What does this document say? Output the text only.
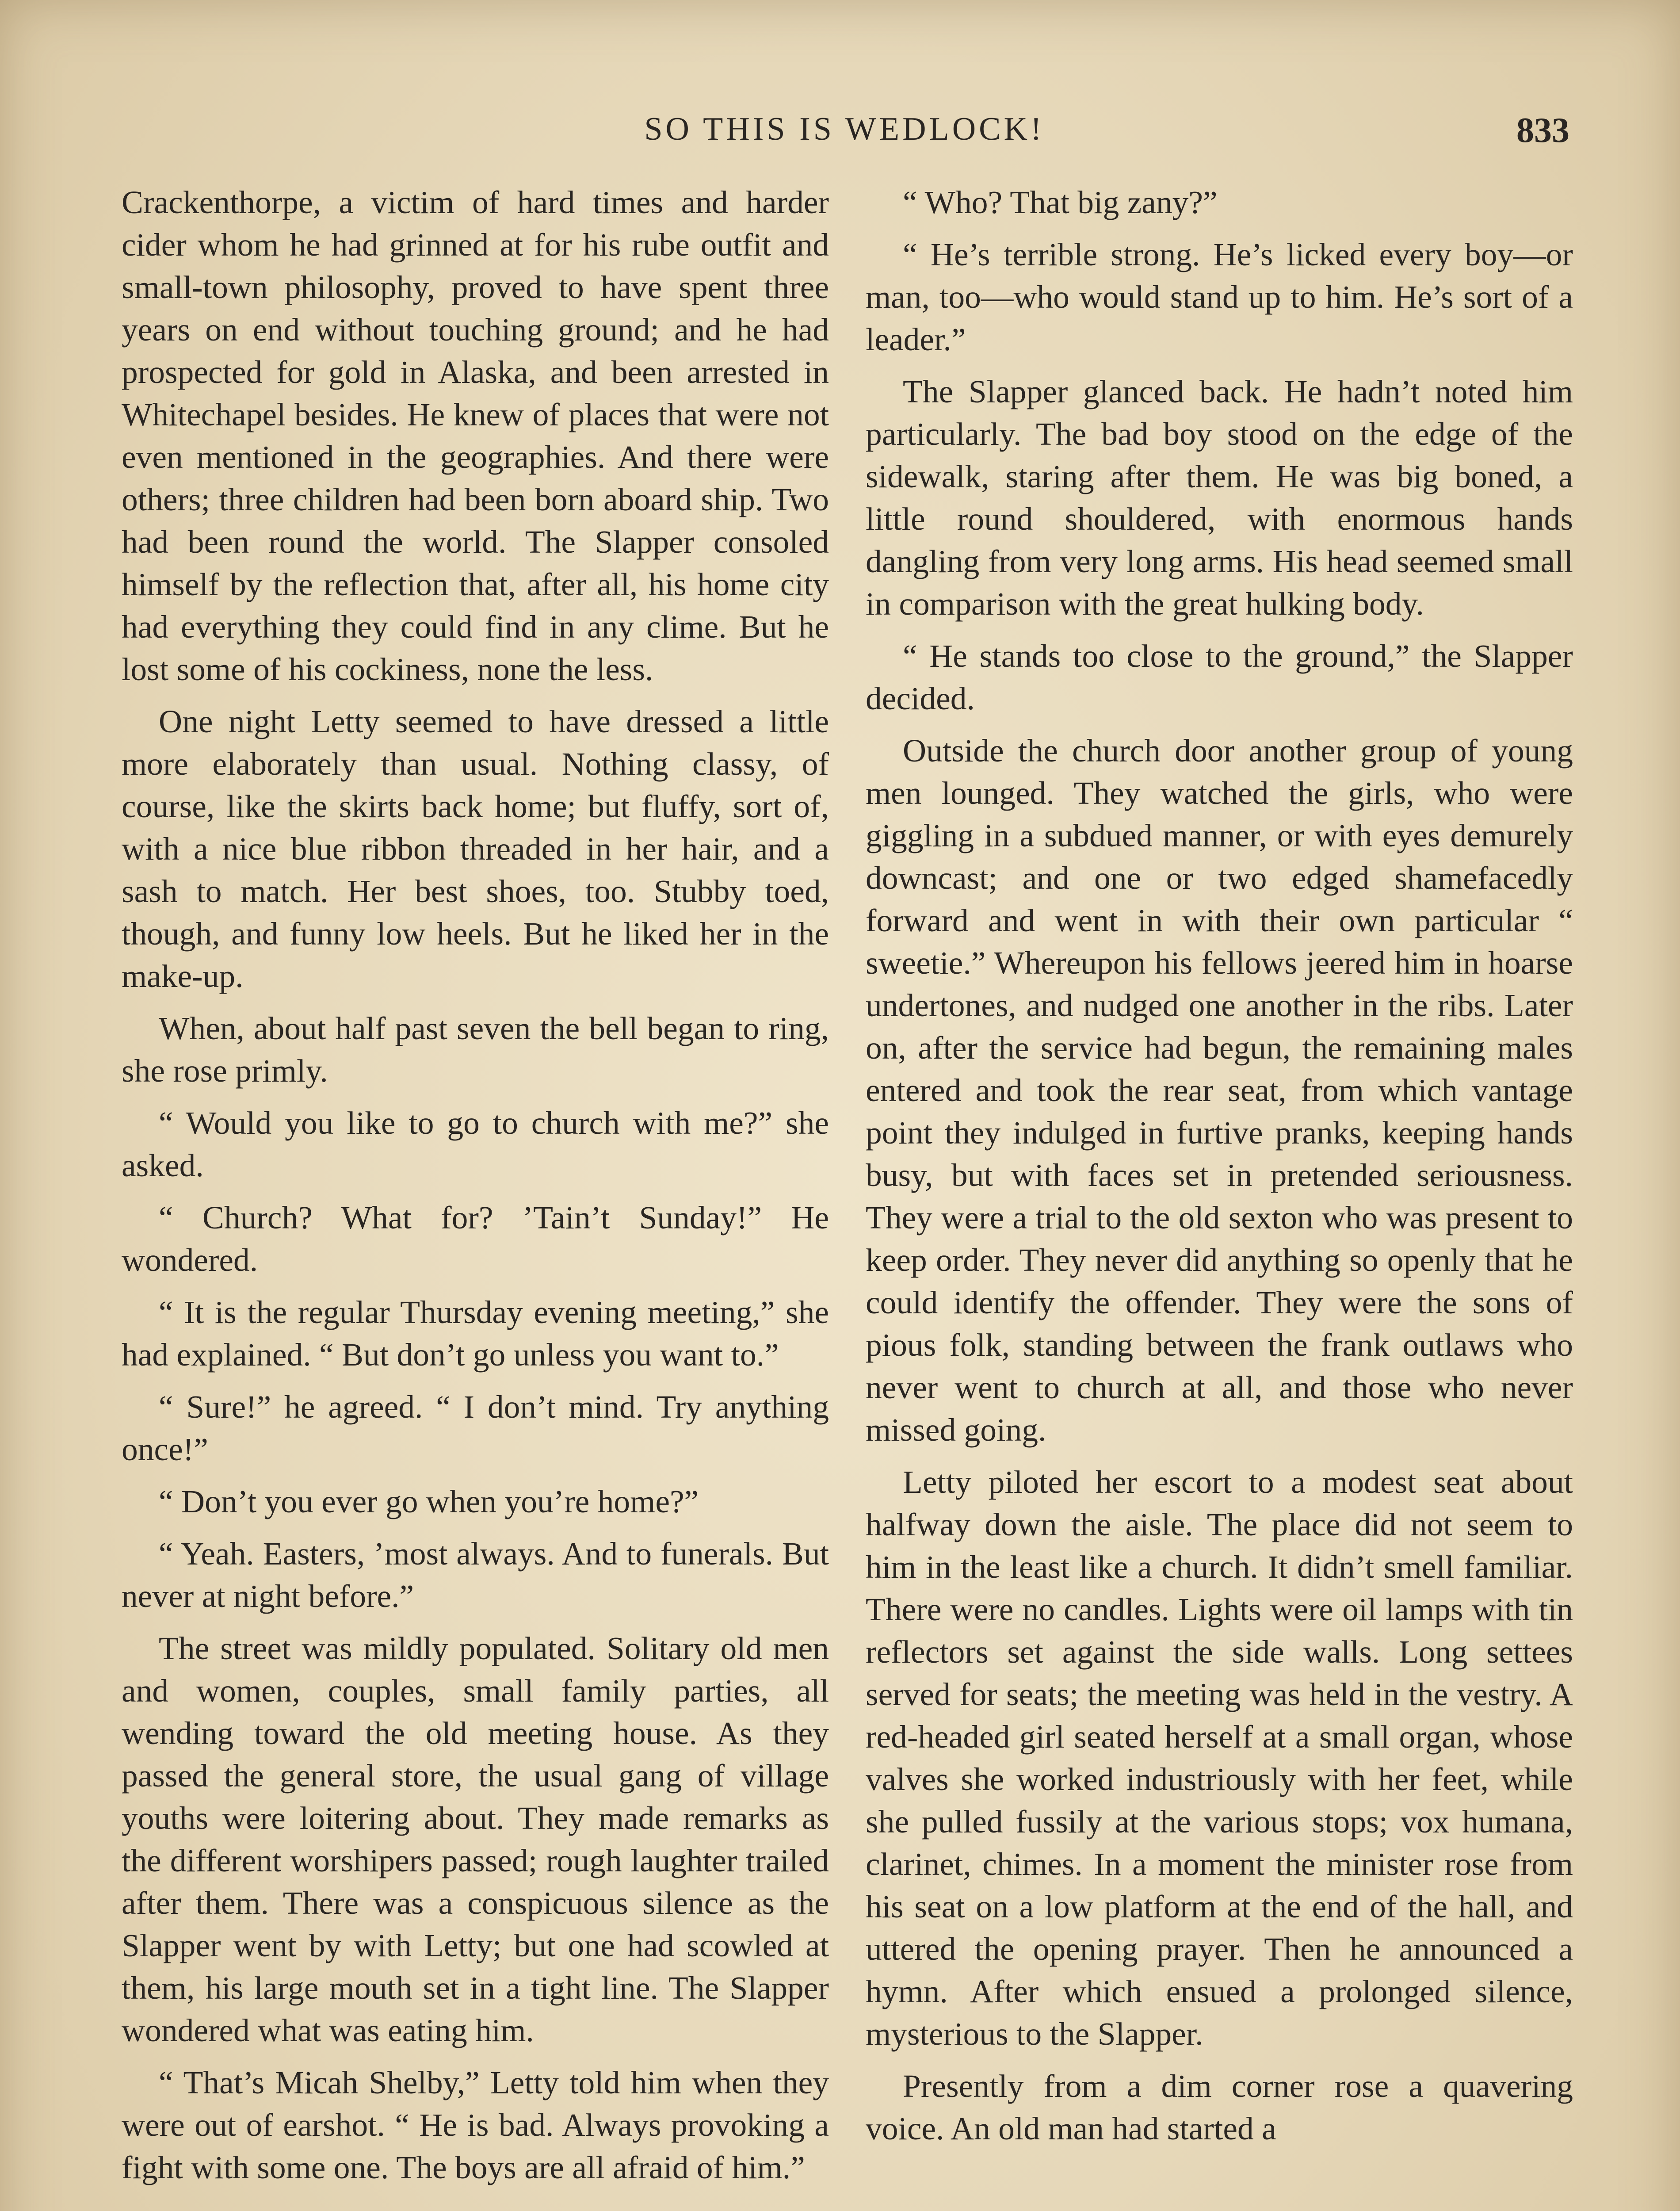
SO THIS IS WEDLOCK!	833

Crackenthorpe, a victim of hard times and harder cider whom he had grinned at for his rube outfit and small-town philosophy, proved to have spent three years on end without touching ground; and he had prospected for gold in Alaska, and been arrested in Whitechapel besides. He knew of places that were not even mentioned in the geographies. And there were others; three children had been born aboard ship. Two had been round the world. The Slapper consoled himself by the reflection that, after all, his home city had everything they could find in any clime. But he lost some of his cockiness, none the less.

One night Letty seemed to have dressed a little more elaborately than usual. Nothing classy, of course, like the skirts back home; but fluffy, sort of, with a nice blue ribbon threaded in her hair, and a sash to match. Her best shoes, too. Stubby toed, though, and funny low heels. But he liked her in the make-up.

When, about half past seven the bell began to ring, she rose primly.

“ Would you like to go to church with me?” she asked.

“ Church? What for? ’Tain’t Sunday!” He wondered.

“ It is the regular Thursday evening meeting,” she had explained. “ But don’t go unless you want to.”

“ Sure!” he agreed. “ I don’t mind. Try anything once!”

“ Don’t you ever go when you’re home?”

“ Yeah. Easters, ’most always. And to funerals. But never at night before.”

The street was mildly populated. Solitary old men and women, couples, small family parties, all wending toward the old meeting house. As they passed the general store, the usual gang of village youths were loitering about. They made remarks as the different worshipers passed; rough laughter trailed after them. There was a conspicuous silence as the Slapper went by with Letty; but one had scowled at them, his large mouth set in a tight line. The Slapper wondered what was eating him.

“ That’s Micah Shelby,” Letty told him when they were out of earshot. “ He is bad. Always provoking a fight with some one. The boys are all afraid of him.”

“ Who? That big zany?”

“ He’s terrible strong. He’s licked every boy—or man, too—who would stand up to him. He’s sort of a leader.”

The Slapper glanced back. He hadn’t noted him particularly. The bad boy stood on the edge of the sidewalk, staring after them. He was big boned, a little round shouldered, with enormous hands dangling from very long arms. His head seemed small in comparison with the great hulking body.

“ He stands too close to the ground,” the Slapper decided.

Outside the church door another group of young men lounged. They watched the girls, who were giggling in a subdued manner, or with eyes demurely downcast; and one or two edged shamefacedly forward and went in with their own particular “ sweetie.” Whereupon his fellows jeered him in hoarse undertones, and nudged one another in the ribs. Later on, after the service had begun, the remaining males entered and took the rear seat, from which vantage point they indulged in furtive pranks, keeping hands busy, but with faces set in pretended seriousness. They were a trial to the old sexton who was present to keep order. They never did anything so openly that he could identify the offender. They were the sons of pious folk, standing between the frank outlaws who never went to church at all, and those who never missed going.

Letty piloted her escort to a modest seat about halfway down the aisle. The place did not seem to him in the least like a church. It didn’t smell familiar. There were no candles. Lights were oil lamps with tin reflectors set against the side walls. Long settees served for seats; the meeting was held in the vestry. A red-headed girl seated herself at a small organ, whose valves she worked industriously with her feet, while she pulled fussily at the various stops; vox humana, clarinet, chimes. In a moment the minister rose from his seat on a low platform at the end of the hall, and uttered the opening prayer. Then he announced a hymn. After which ensued a prolonged silence, mysterious to the Slapper.

Presently from a dim corner rose a quavering voice. An old man had started a
